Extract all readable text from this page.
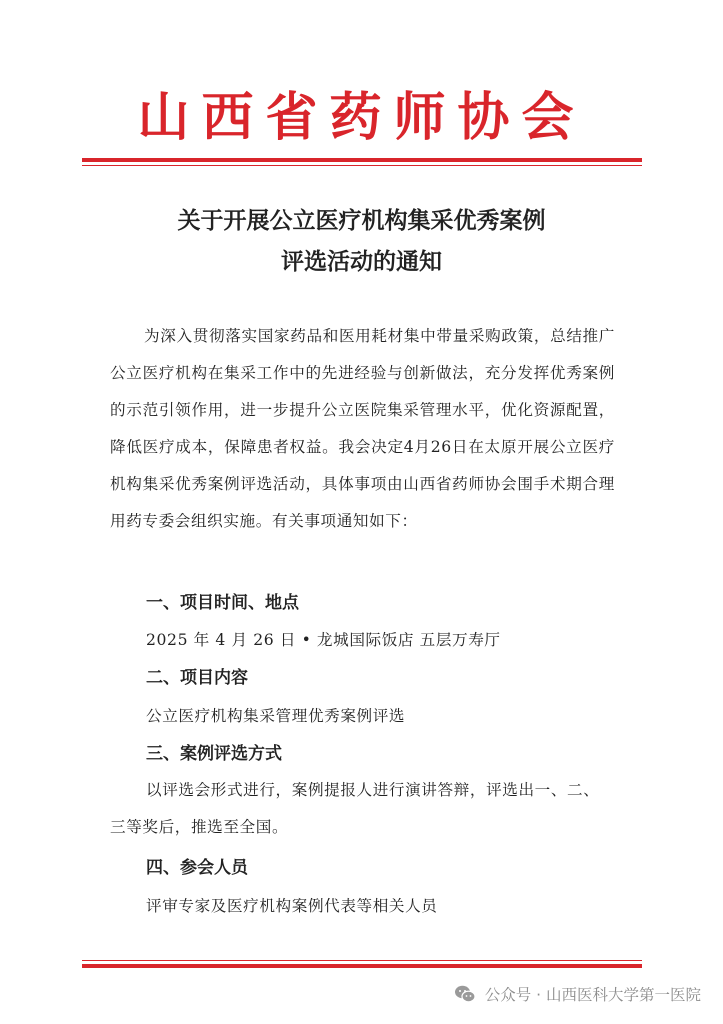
山西省药师协会
关于开展公立医疗机构集采优秀案例
评选活动的通知
为深入贯彻落实国家药品和医用耗材集中带量采购政策，总结推广公立医疗机构在集采工作中的先进经验与创新做法，充分发挥优秀案例的示范引领作用，进一步提升公立医院集采管理水平，优化资源配置，降低医疗成本，保障患者权益。我会决定4月26日在太原开展公立医疗机构集采优秀案例评选活动，具体事项由山西省药师协会围手术期合理用药专委会组织实施。有关事项通知如下：
一、项目时间、地点
2025 年 4 月 26 日 • 龙城国际饭店 五层万寿厅
二、项目内容
公立医疗机构集采管理优秀案例评选
三、案例评选方式
以评选会形式进行，案例提报人进行演讲答辩，评选出一、二、三等奖后，推选至全国。
四、参会人员
评审专家及医疗机构案例代表等相关人员
公众号 · 山西医科大学第一医院
